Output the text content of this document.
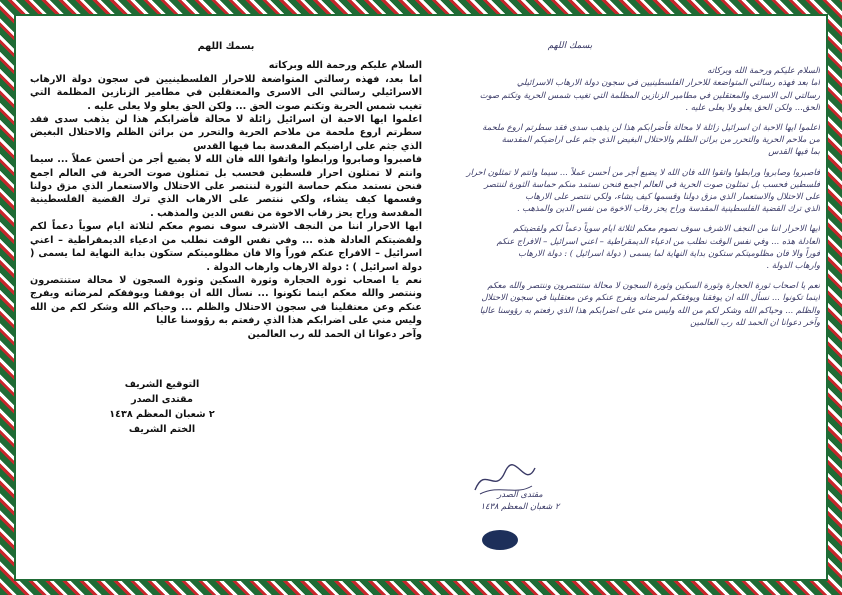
بسمك اللهم

السلام عليكم ورحمة الله وبركاته

اما بعد، فهذه رسالتي المتواضعة للاحرار الفلسطينيين في سجون دولة الارهاب الاسرائيلي رسالتي الى الاسرى والمعتقلين في مطامير الزنازين المظلمة التي تغيب شمس الحرية وتكتم صوت الحق ... ولكن الحق يعلو ولا يعلى عليه .

اعلموا ايها الاحبة ان اسرائيل زائلة لا محالة فأضرابكم هذا لن يذهب سدى فقد سطرتم اروع ملحمة من ملاحم الحرية والتحرر من براثن الظلم والاحتلال البغيض الذي جثم على اراضيكم المقدسة بما فيها القدس

فاصبروا وصابروا ورابطوا واتقوا الله فان الله لا يضيع أجر من أحسن عملاً ... سيما وانتم لا تمثلون احرار فلسطين فحسب بل تمثلون صوت الحرية في العالم اجمع فنحن نستمد منكم حماسة الثورة لننتصر على الاحتلال والاستعمار الذي مزق دولنا وقسمها كيف يشاء، ولكي ننتصر على الارهاب الذي ترك القضية الفلسطينية المقدسة وراح يحز رقاب الاخوة من نفس الدين والمذهب .

ايها الاحرار اننا من النجف الاشرف سوف نصوم معكم لثلاثة ايام سوياً دعماً لكم ولقضيتكم العادلة هذه ... وفي نفس الوقت نطلب من ادعياء الديمقراطية – اعني اسرائيل – الافراج عنكم فوراً والا فان مظلوميتكم ستكون بداية النهاية لما يسمى ( دولة اسرائيل ) : دولة الارهاب وارهاب الدولة .

نعم يا اصحاب ثورة الحجارة وثورة السكين وثورة السجون لا محالة ستنتصرون وننتصر والله معكم اينما تكونوا ... نسأل الله ان يوفقنا ويوفقكم لمرضاته ويفرج عنكم وعن معتقلينا في سجون الاحتلال والظلم ... وحياكم الله وشكر لكم من الله وليس مني على اضرابكم هذا الذي رفعتم به رؤوسنا عاليا

وآخر دعوانا ان الحمد لله رب العالمين

التوقيع الشريف
مقتدى الصدر
٢ شعبان المعظم ١٤٣٨
الختم الشريف
بسمك اللهم
السلام عليكم ورحمة الله وبركاته
اما بعد فهذه رسالتي المتواضعة للاحرار الفلسطينيين في سجون دولة الارهاب الاسرائيلي
رسالتي الى الاسرى والمعتقلين في مطامير الزنازين المظلمة التي تغيب شمس الحرية وتكتم صوت
الحق... ولكن الحق يعلو ولا يعلى عليه .
اعلموا ايها الاحبة ان اسرائيل زائلة لا محالة فأضرابكم هذا لن يذهب سدى فقد سطرتم اروع ملحمة
من ملاحم الحرية والتحرر من براثن الظلم والاحتلال البغيض الذي جثم على اراضيكم المقدسة
بما فيها القدس
فاصبروا وصابروا ورابطوا واتقوا الله فان الله لا يضيع أجر من أحسن عملاً ... سيما وانتم لا تمثلون احرار
فلسطين فحسب بل تمثلون صوت الحرية في العالم اجمع فنحن نستمد منكم حماسة الثورة لننتصر
على الاحتلال والاستعمار الذي مزق دولنا وقسمها كيف يشاء، ولكي ننتصر على الارهاب
الذي ترك القضية الفلسطينية المقدسة وراح يحز رقاب الاخوة من نفس الدين والمذهب .
ايها الاحرار اننا من النجف الاشرف سوف نصوم معكم لثلاثة ايام سوياً دعماً لكم ولقضيتكم
العادلة هذه ... وفي نفس الوقت نطلب من ادعياء الديمقراطية – اعني اسرائيل – الافراج عنكم
فوراً والا فان مظلوميتكم ستكون بداية النهاية لما يسمى ( دولة اسرائيل ) : دولة الارهاب
وارهاب الدولة .
نعم يا اصحاب ثورة الحجارة وثورة السكين وثورة السجون لا محالة ستنتصرون وننتصر والله معكم
اينما تكونوا ... نسأل الله ان يوفقنا ويوفقكم لمرضاته ويفرج عنكم وعن معتقلينا في سجون الاحتلال
والظلم ... وحياكم الله وشكر لكم من الله وليس مني على اضرابكم هذا الذي رفعتم به رؤوسنا عاليا
وآخر دعوانا ان الحمد لله رب العالمين
مقتدى الصدر
٢ شعبان المعظم ١٤٣٨
